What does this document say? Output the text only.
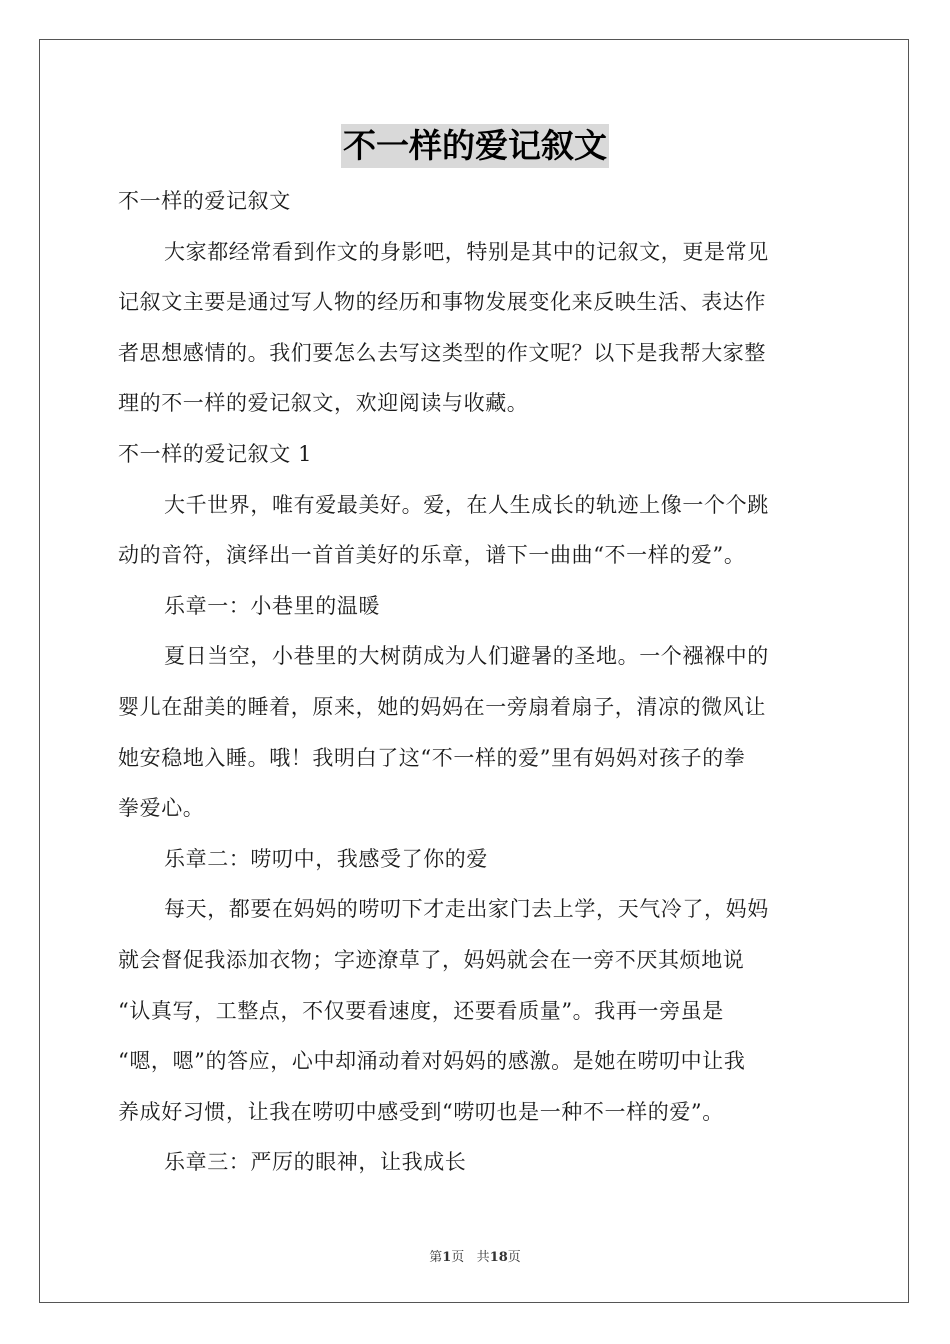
不一样的爱记叙文
不一样的爱记叙文
大家都经常看到作文的身影吧，特别是其中的记叙文，更是常见
记叙文主要是通过写人物的经历和事物发展变化来反映生活、表达作
者思想感情的。我们要怎么去写这类型的作文呢？以下是我帮大家整
理的不一样的爱记叙文，欢迎阅读与收藏。
不一样的爱记叙文 1
大千世界，唯有爱最美好。爱，在人生成长的轨迹上像一个个跳
动的音符，演绎出一首首美好的乐章，谱下一曲曲“不一样的爱”。
乐章一：小巷里的温暖
夏日当空，小巷里的大树荫成为人们避暑的圣地。一个襁褓中的
婴儿在甜美的睡着，原来，她的妈妈在一旁扇着扇子，清凉的微风让
她安稳地入睡。哦！我明白了这“不一样的爱”里有妈妈对孩子的拳
拳爱心。
乐章二：唠叨中，我感受了你的爱
每天，都要在妈妈的唠叨下才走出家门去上学，天气冷了，妈妈
就会督促我添加衣物；字迹潦草了，妈妈就会在一旁不厌其烦地说
“认真写，工整点，不仅要看速度，还要看质量”。我再一旁虽是
“嗯，嗯”的答应，心中却涌动着对妈妈的感激。是她在唠叨中让我
养成好习惯，让我在唠叨中感受到“唠叨也是一种不一样的爱”。
乐章三：严厉的眼神，让我成长
第1页 共18页
